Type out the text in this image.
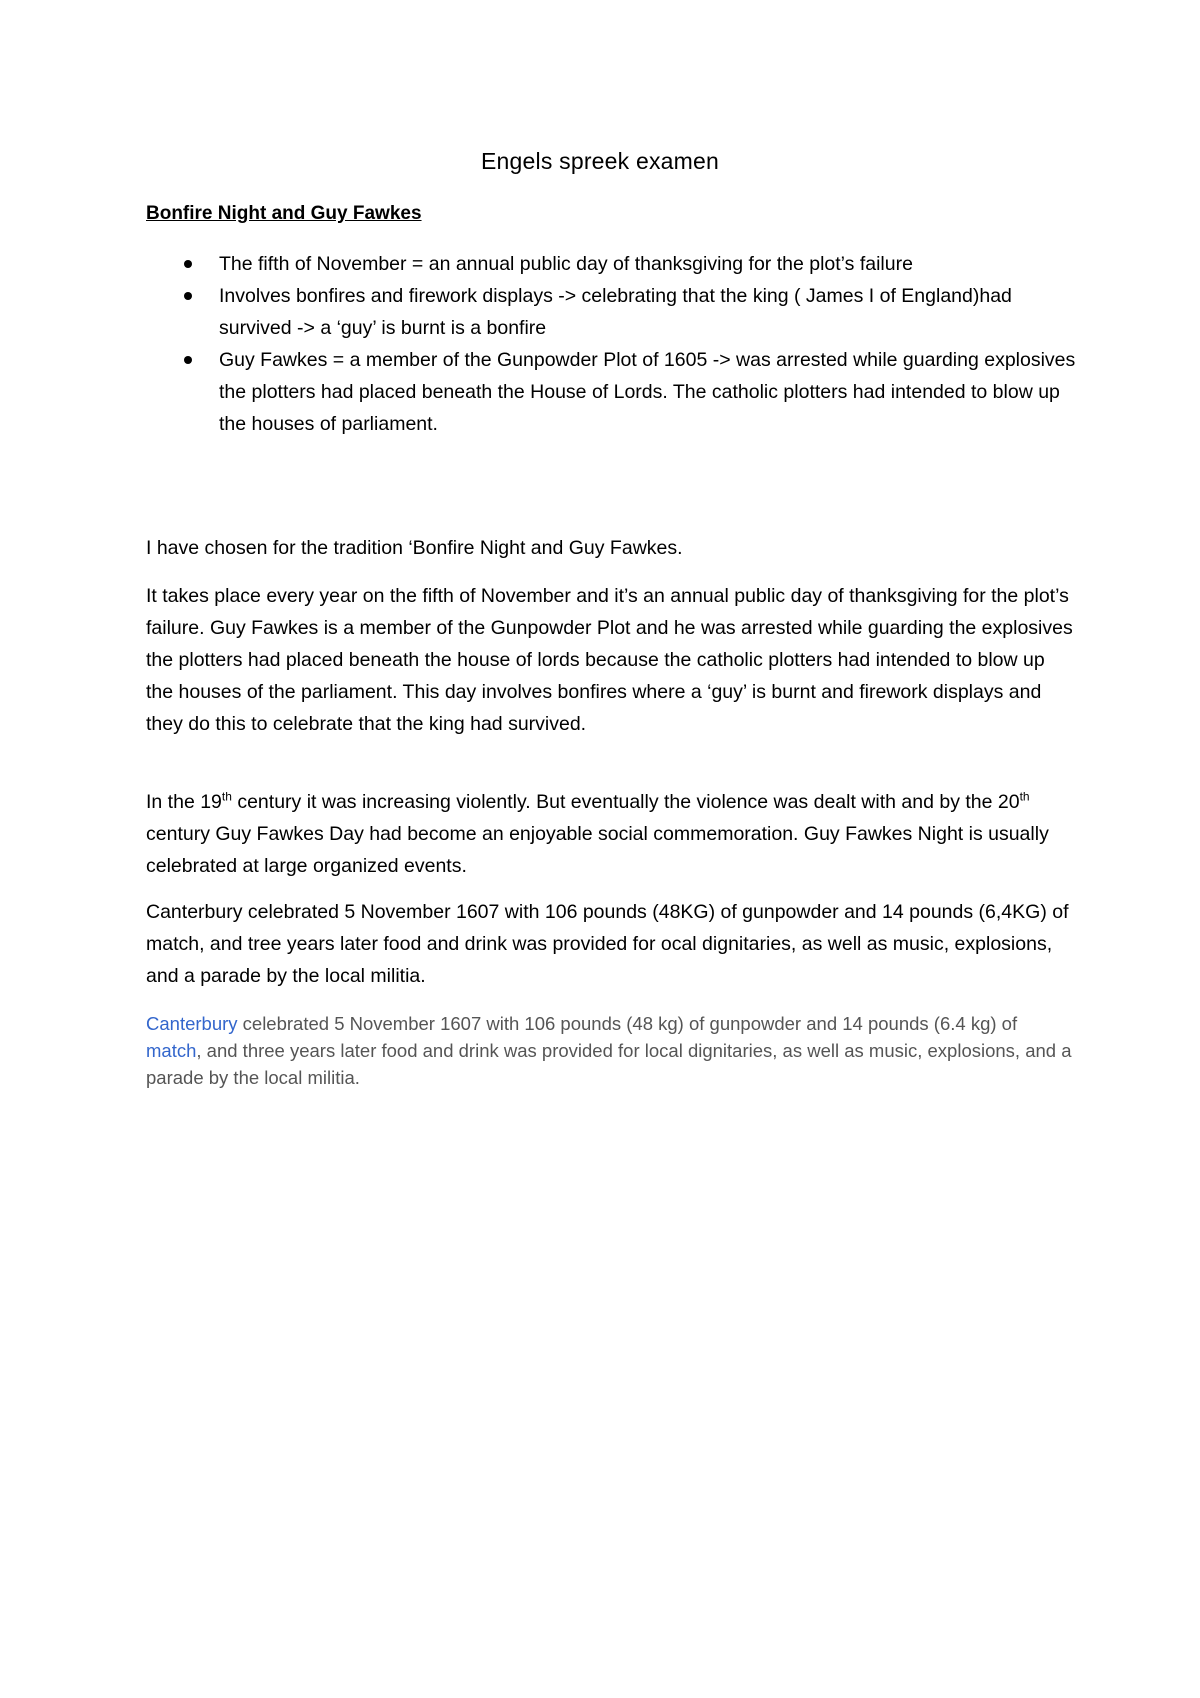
Engels spreek examen
Bonfire Night and Guy Fawkes
The fifth of November = an annual public day of thanksgiving for the plot’s failure
Involves bonfires and firework displays -> celebrating that the king ( James I of England)had survived -> a ‘guy’ is burnt is a bonfire
Guy Fawkes = a member of the Gunpowder Plot of 1605 -> was arrested while guarding explosives the plotters had placed beneath the House of Lords. The catholic plotters had intended to blow up the houses of parliament.

I have chosen for the tradition ‘Bonfire Night and Guy Fawkes.

It takes place every year on the fifth of November and it’s an annual public day of thanksgiving for the plot’s failure. Guy Fawkes is a member of the Gunpowder Plot and he was arrested while guarding the explosives the plotters had placed beneath the house of lords because the catholic plotters had intended to blow up the houses of the parliament. This day involves bonfires where a ‘guy’ is burnt and firework displays and they do this to celebrate that the king had survived.

In the 19th century it was increasing violently. But eventually the violence was dealt with and by the 20th century Guy Fawkes Day had become an enjoyable social commemoration. Guy Fawkes Night is usually celebrated at large organized events.

Canterbury celebrated 5 November 1607 with 106 pounds (48KG) of gunpowder and 14 pounds (6,4KG) of match, and tree years later food and drink was provided for ocal dignitaries, as well as music, explosions, and a parade by the local militia.

Canterbury celebrated 5 November 1607 with 106 pounds (48 kg) of gunpowder and 14 pounds (6.4 kg) of match, and three years later food and drink was provided for local dignitaries, as well as music, explosions, and a parade by the local militia.
